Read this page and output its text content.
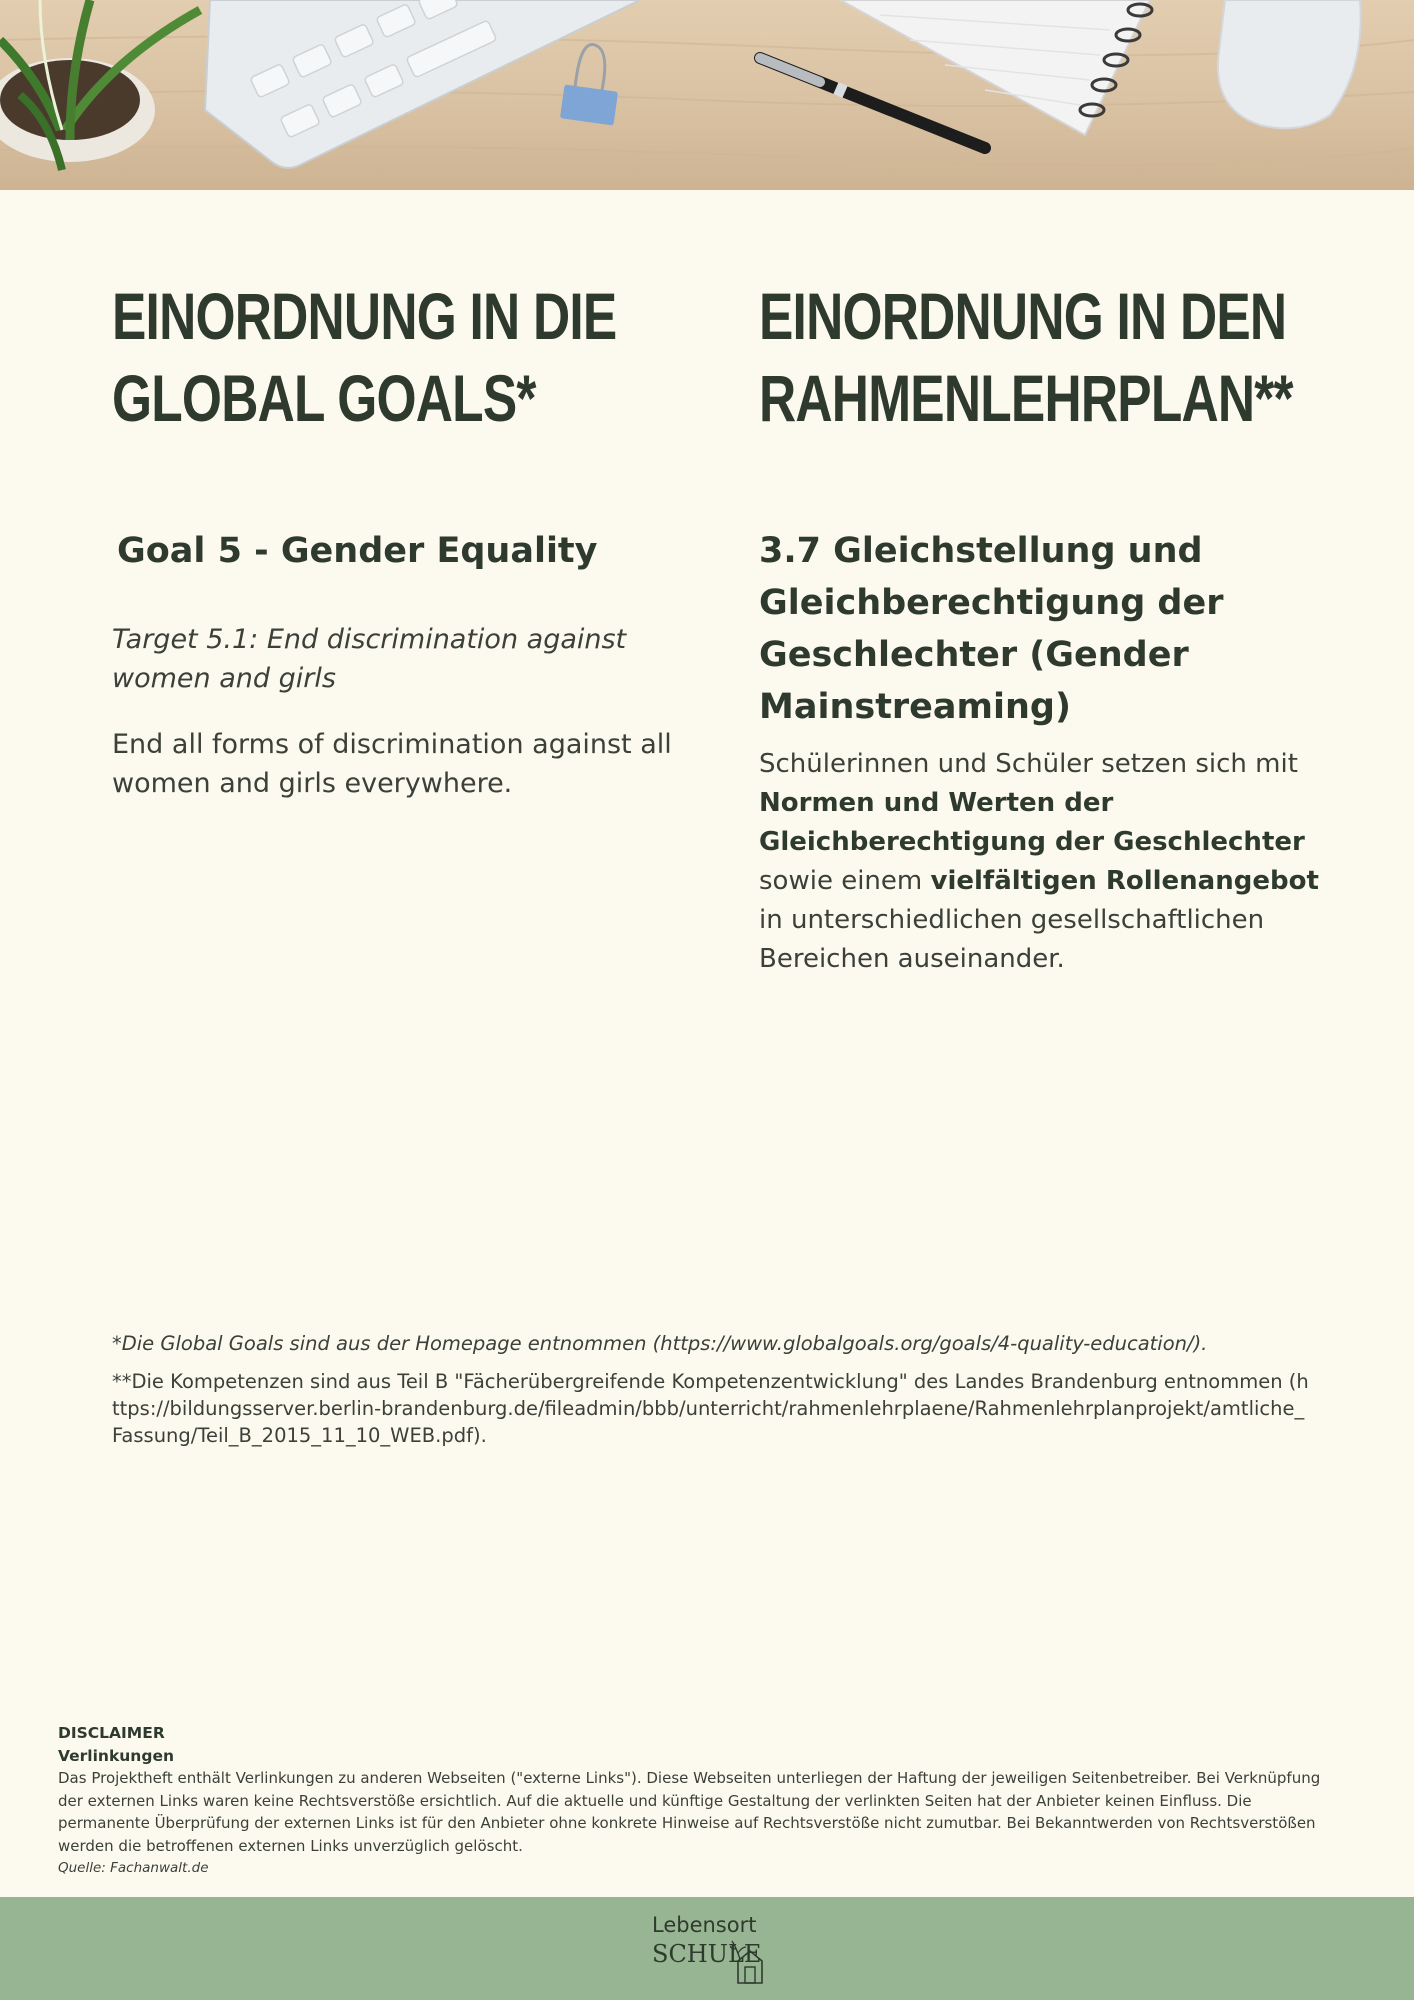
EINORDNUNG IN DIE
GLOBAL GOALS*
Goal 5 - Gender Equality
Target 5.1: End discrimination against women and girls
End all forms of discrimination against all women and girls everywhere.
EINORDNUNG IN DEN
RAHMENLEHRPLAN**
3.7 Gleichstellung und
Gleichberechtigung der
Geschlechter (Gender
Mainstreaming)
Schülerinnen und Schüler setzen sich mit Normen und Werten der Gleichberechtigung der Geschlechter sowie einem vielfältigen Rollenangebot in unterschiedlichen gesellschaftlichen Bereichen auseinander.

*Die Global Goals sind aus der Homepage entnommen (https://www.globalgoals.org/goals/4-quality-education/).

**Die Kompetenzen sind aus Teil B "Fächerübergreifende Kompetenzentwicklung" des Landes Brandenburg entnommen (https://bildungsserver.berlin-brandenburg.de/fileadmin/bbb/unterricht/rahmenlehrplaene/Rahmenlehrplanprojekt/amtliche_Fassung/Teil_B_2015_11_10_WEB.pdf).

DISCLAIMER
Verlinkungen
Das Projektheft enthält Verlinkungen zu anderen Webseiten ("externe Links"). Diese Webseiten unterliegen der Haftung der jeweiligen Seitenbetreiber. Bei Verknüpfung der externen Links waren keine Rechtsverstöße ersichtlich. Auf die aktuelle und künftige Gestaltung der verlinkten Seiten hat der Anbieter keinen Einfluss. Die permanente Überprüfung der externen Links ist für den Anbieter ohne konkrete Hinweise auf Rechtsverstöße nicht zumutbar. Bei Bekanntwerden von Rechtsverstößen werden die betroffenen externen Links unverzüglich gelöscht.
Quelle: Fachanwalt.de
Lebensort
SCHULE
